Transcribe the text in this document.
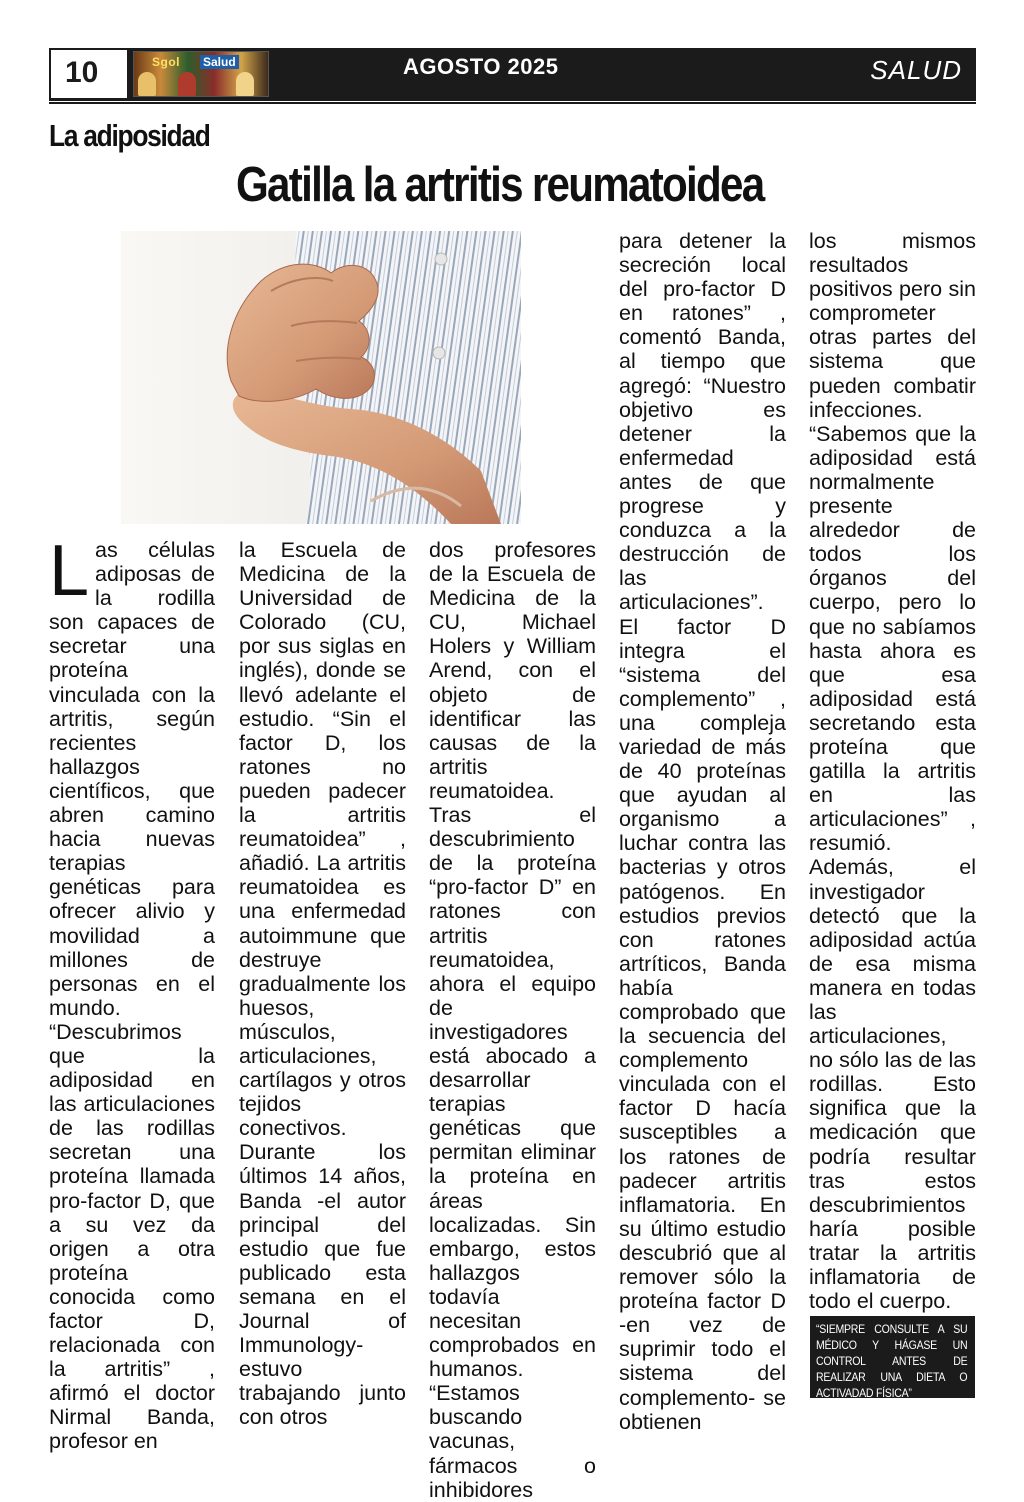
10	Sgol Salud	AGOSTO 2025	SALUD
La adiposidad
Gatilla la artritis reumatoidea
Las células adiposas de la rodilla son capaces de secretar una proteína vinculada con la artritis, según recientes hallazgos científicos, que abren camino hacia nuevas terapias genéticas para ofrecer alivio y movilidad a millones de personas en el mundo. “Descubrimos que la adiposidad en las articulaciones de las rodillas secretan una proteína llamada pro-factor D, que a su vez da origen a otra proteína conocida como factor D, relacionada con la artritis” , afirmó el doctor Nirmal Banda, profesor en
la Escuela de Medicina de la Universidad de Colorado (CU, por sus siglas en inglés), donde se llevó adelante el estudio. “Sin el factor D, los ratones no pueden padecer la artritis reumatoidea” , añadió. La artritis reumatoidea es una enfermedad autoimmune que destruye gradualmente los huesos, músculos, articulaciones, cartílagos y otros tejidos conectivos. Durante los últimos 14 años, Banda -el autor principal del estudio que fue publicado esta semana en el Journal of Immunology- estuvo trabajando junto con otros
dos profesores de la Escuela de Medicina de la CU, Michael Holers y William Arend, con el objeto de identificar las causas de la artritis reumatoidea. Tras el descubrimiento de la proteína “pro-factor D” en ratones con artritis reumatoidea, ahora el equipo de investigadores está abocado a desarrollar terapias genéticas que permitan eliminar la proteína en áreas localizadas. Sin embargo, estos hallazgos todavía necesitan comprobados en humanos. “Estamos buscando vacunas, fármacos o inhibidores
para detener la secreción local del pro-factor D en ratones” , comentó Banda, al tiempo que agregó: “Nuestro objetivo es detener la enfermedad antes de que progrese y conduzca a la destrucción de las articulaciones”. El factor D integra el “sistema del complemento” , una compleja variedad de más de 40 proteínas que ayudan al organismo a luchar contra las bacterias y otros patógenos. En estudios previos con ratones artríticos, Banda había comprobado que la secuencia del complemento vinculada con el factor D hacía susceptibles a los ratones de padecer artritis inflamatoria. En su último estudio descubrió que al remover sólo la proteína factor D -en vez de suprimir todo el sistema del complemento- se obtienen
los mismos resultados positivos pero sin comprometer otras partes del sistema que pueden combatir infecciones. “Sabemos que la adiposidad está normalmente presente alrededor de todos los órganos del cuerpo, pero lo que no sabíamos hasta ahora es que esa adiposidad está secretando esta proteína que gatilla la artritis en las articulaciones” , resumió. Además, el investigador detectó que la adiposidad actúa de esa misma manera en todas las articulaciones, no sólo las de las rodillas. Esto significa que la medicación que podría resultar tras estos descubrimientos haría posible tratar la artritis inflamatoria de todo el cuerpo.
“SIEMPRE CONSULTE A SU MÉDICO Y HÁGASE UN CONTROL ANTES DE REALIZAR UNA DIETA O ACTIVADAD FÍSICA”
